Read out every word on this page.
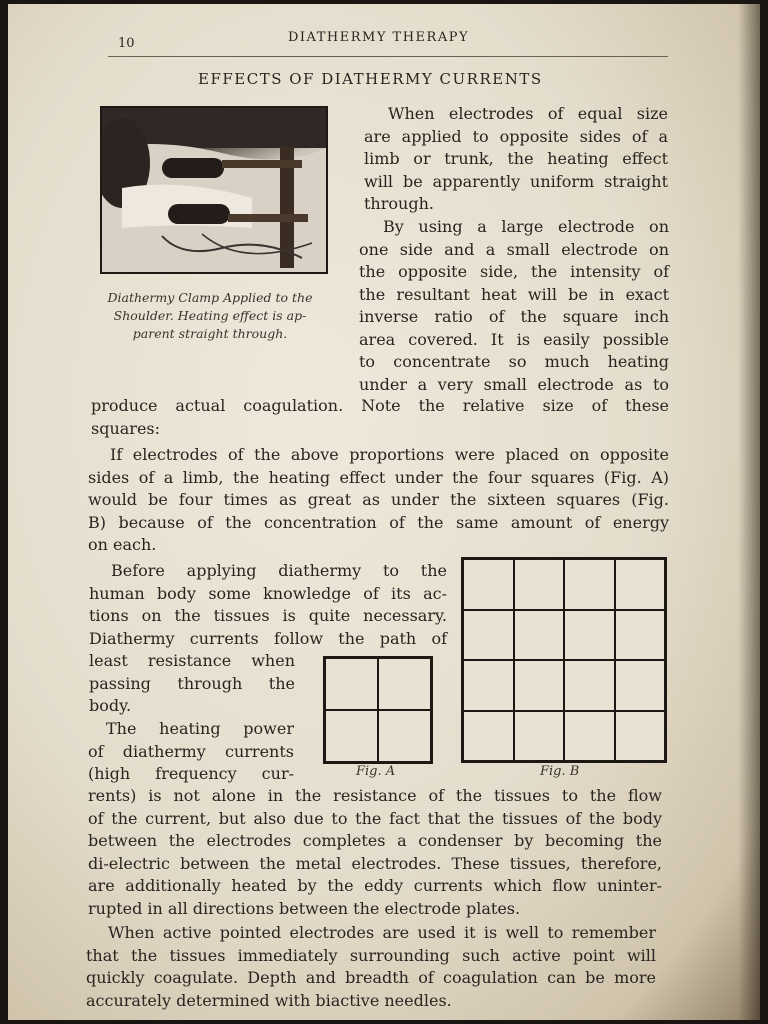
10	DIATHERMY THERAPY
EFFECTS OF DIATHERMY CURRENTS
Diathermy Clamp Applied to the
Shoulder. Heating effect is ap-
parent straight through.
When electrodes of equal size
are applied to opposite sides of a
limb or trunk, the heating effect
will be apparently uniform straight
through.
By using a large electrode on
one side and a small electrode on
the opposite side, the intensity of
the resultant heat will be in exact
inverse ratio of the square inch
area covered. It is easily possible
to concentrate so much heating
under a very small electrode as to
produce actual coagulation. Note the relative size of these
squares:
If electrodes of the above proportions were placed on opposite
sides of a limb, the heating effect under the four squares (Fig. A)
would be four times as great as under the sixteen squares (Fig.
B) because of the concentration of the same amount of energy
on each.
Before applying diathermy to the
human body some knowledge of its ac-
tions on the tissues is quite necessary.
Diathermy currents follow the path of
least resistance when
passing through the
body.
The heating power
of diathermy currents
(high frequency cur-
rents) is not alone in the resistance of the tissues to the flow
of the current, but also due to the fact that the tissues of the body
between the electrodes completes a condenser by becoming the
di-electric between the metal electrodes. These tissues, therefore,
are additionally heated by the eddy currents which flow uninter-
rupted in all directions between the electrode plates.
When active pointed electrodes are used it is well to remember
that the tissues immediately surrounding such active point will
quickly coagulate. Depth and breadth of coagulation can be more
accurately determined with biactive needles.
Fig. A	Fig. B
